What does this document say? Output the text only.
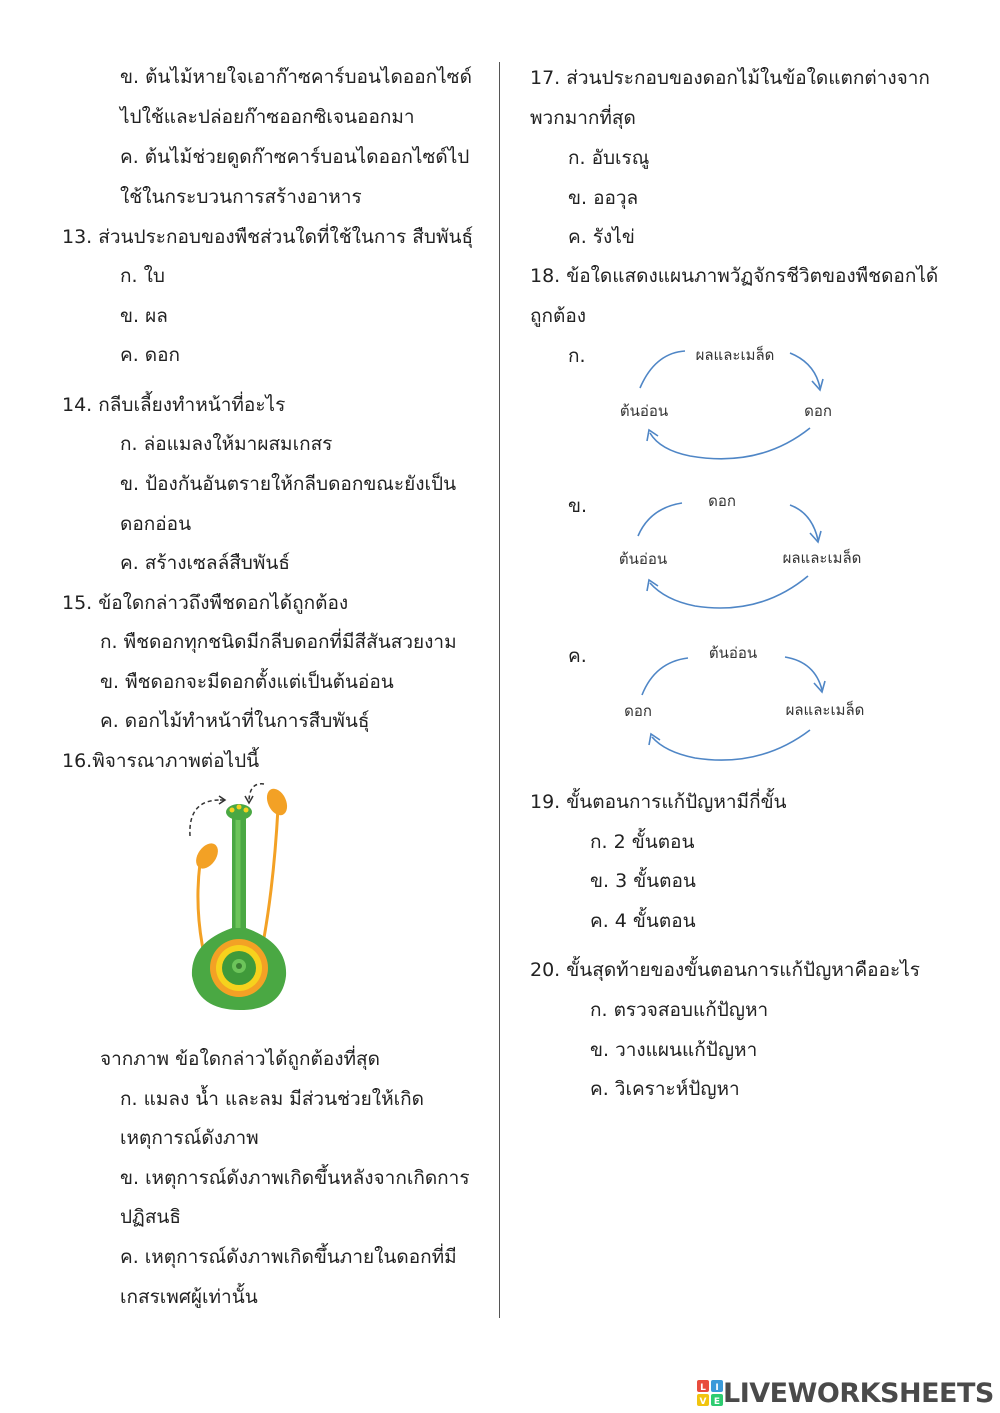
ข. ต้นไม้หายใจเอาก๊าซคาร์บอนไดออกไซด์
ไปใช้และปล่อยก๊าซออกซิเจนออกมา
ค. ต้นไม้ช่วยดูดก๊าซคาร์บอนไดออกไซด์ไป
ใช้ในกระบวนการสร้างอาหาร
13. ส่วนประกอบของพืชส่วนใดที่ใช้ในการ สืบพันธุ์
ก. ใบ
ข. ผล
ค. ดอก
14. กลีบเลี้ยงทำหน้าที่อะไร
ก. ล่อแมลงให้มาผสมเกสร
ข. ป้องกันอันตรายให้กลีบดอกขณะยังเป็น
ดอกอ่อน
ค. สร้างเซลล์สืบพันธ์
15. ข้อใดกล่าวถึงพืชดอกได้ถูกต้อง
ก. พืชดอกทุกชนิดมีกลีบดอกที่มีสีสันสวยงาม
ข. พืชดอกจะมีดอกตั้งแต่เป็นต้นอ่อน
ค. ดอกไม้ทำหน้าที่ในการสืบพันธุ์
16.พิจารณาภาพต่อไปนี้
จากภาพ ข้อใดกล่าวได้ถูกต้องที่สุด
ก. แมลง น้ำ และลม มีส่วนช่วยให้เกิด
เหตุการณ์ดังภาพ
ข. เหตุการณ์ดังภาพเกิดขึ้นหลังจากเกิดการ
ปฏิสนธิ
ค. เหตุการณ์ดังภาพเกิดขึ้นภายในดอกที่มี
เกสรเพศผู้เท่านั้น
17. ส่วนประกอบของดอกไม้ในข้อใดแตกต่างจาก
พวกมากที่สุด
ก. อับเรณู
ข. ออวุล
ค. รังไข่
18. ข้อใดแสดงแผนภาพวัฏจักรชีวิตของพืชดอกได้
ถูกต้อง
ก.	ผลและเมล็ด
ดอก
ต้นอ่อน
ข.	ดอก
ผลและเมล็ด
ต้นอ่อน
ค.	ต้นอ่อน
ผลและเมล็ด
ดอก
19. ขั้นตอนการแก้ปัญหามีกี่ขั้น
ก. 2 ขั้นตอน
ข. 3 ขั้นตอน
ค. 4 ขั้นตอน
20. ขั้นสุดท้ายของขั้นตอนการแก้ปัญหาคืออะไร
ก. ตรวจสอบแก้ปัญหา
ข. วางแผนแก้ปัญหา
ค. วิเคราะห์ปัญหา
L I
V E LIVEWORKSHEETS
